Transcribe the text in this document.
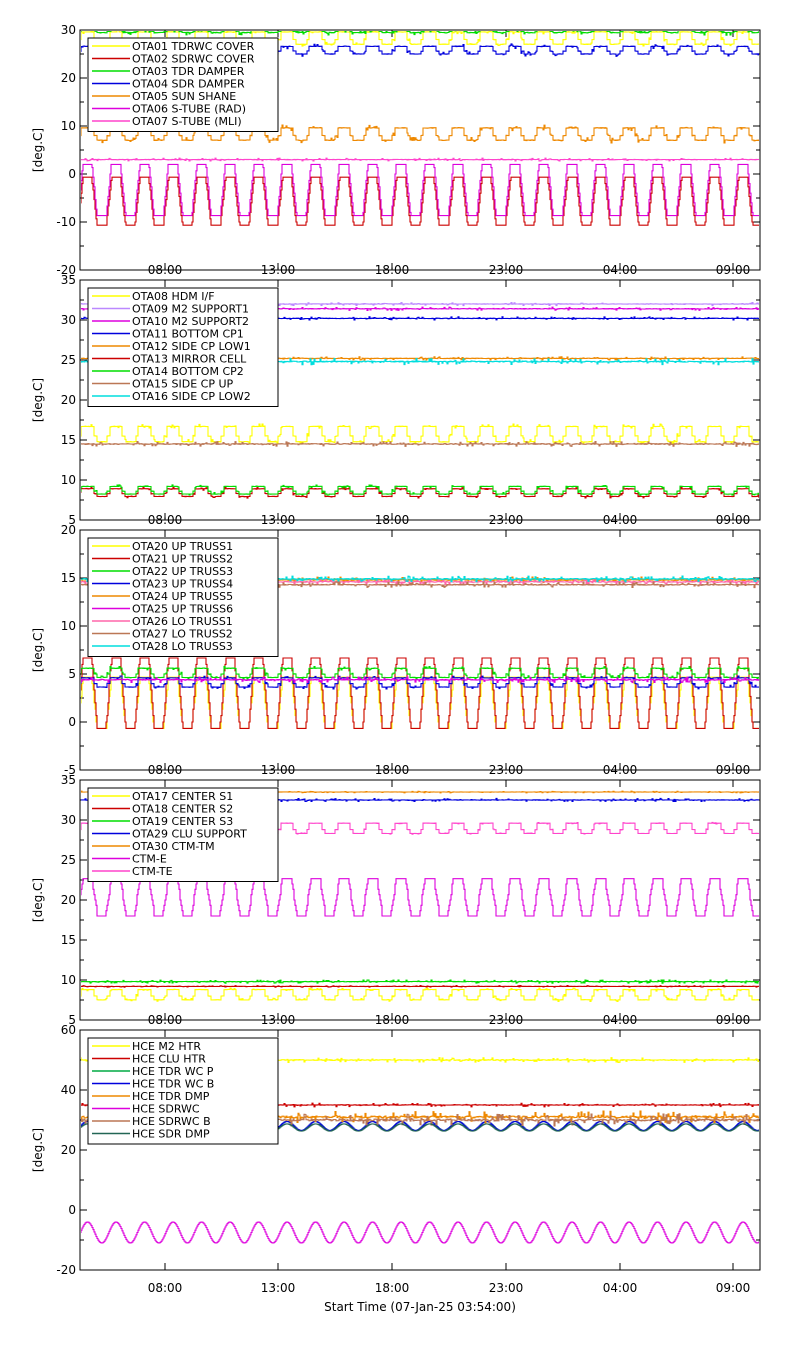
-20
-10
0
10
20
30
[deg.C]
OTA01 TDRWC COVER
OTA02 SDRWC COVER
OTA03 TDR DAMPER
OTA04 SDR DAMPER
OTA05 SUN SHANE
OTA06 S-TUBE (RAD)
OTA07 S-TUBE (MLI)
5
10
15
20
25
30
35
08:00	13:00	18:00	23:00	04:00	09:00
[deg.C]
OTA08 HDM I/F
OTA09 M2 SUPPORT1
OTA10 M2 SUPPORT2
OTA11 BOTTOM CP1
OTA12 SIDE CP LOW1
OTA13 MIRROR CELL
OTA14 BOTTOM CP2
OTA15 SIDE CP UP
OTA16 SIDE CP LOW2
-5
0
5
10
15
20
08:00	13:00	18:00	23:00	04:00	09:00
[deg.C]
OTA20 UP TRUSS1
OTA21 UP TRUSS2
OTA22 UP TRUSS3
OTA23 UP TRUSS4
OTA24 UP TRUSS5
OTA25 UP TRUSS6
OTA26 LO TRUSS1
OTA27 LO TRUSS2
OTA28 LO TRUSS3
5
10
15
20
25
30
35
08:00	13:00	18:00	23:00	04:00	09:00
[deg.C]
OTA17 CENTER S1
OTA18 CENTER S2
OTA19 CENTER S3
OTA29 CLU SUPPORT
OTA30 CTM-TM
CTM-E
CTM-TE
-20
0
20
40
60
08:00	13:00	18:00	23:00	04:00	09:00
[deg.C]
HCE M2 HTR
HCE CLU HTR
HCE TDR WC P
HCE TDR WC B
HCE TDR DMP
HCE SDRWC
HCE SDRWC B
HCE SDR DMP
08:00	13:00	18:00	23:00	04:00	09:00
Start Time (07-Jan-25 03:54:00)
